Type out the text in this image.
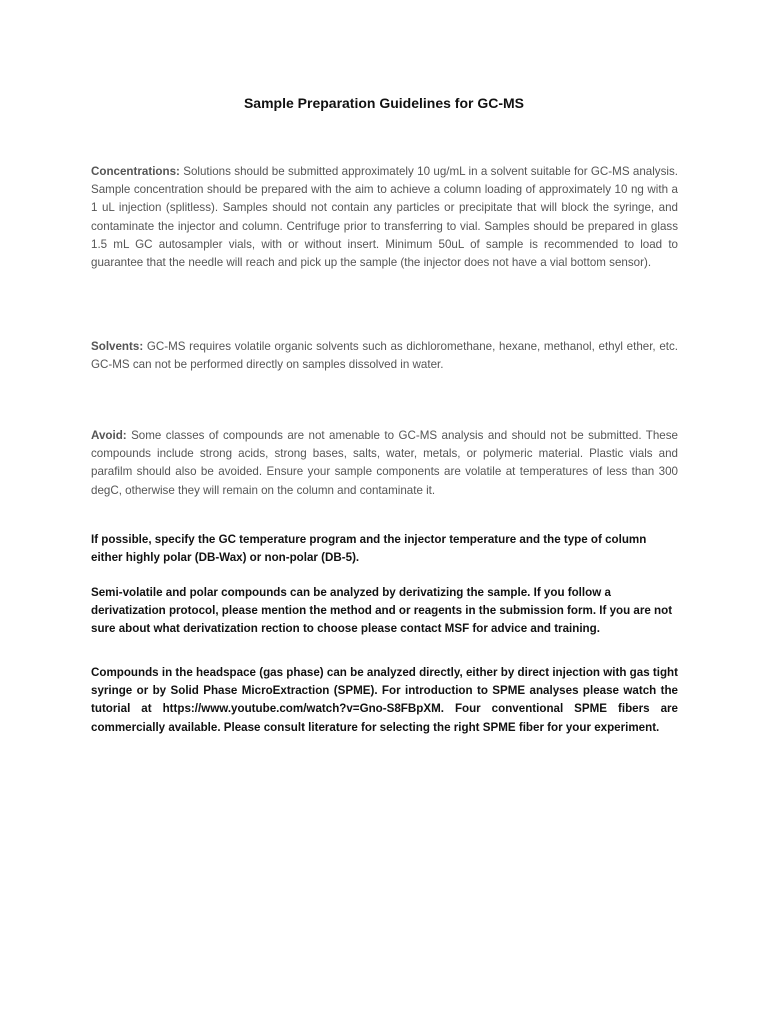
Sample Preparation Guidelines for GC-MS

Concentrations: Solutions should be submitted approximately 10 ug/mL in a solvent suitable for GC-MS analysis. Sample concentration should be prepared with the aim to achieve a column loading of approximately 10 ng with a 1 uL injection (splitless). Samples should not contain any particles or precipitate that will block the syringe, and contaminate the injector and column. Centrifuge prior to transferring to vial. Samples should be prepared in glass 1.5 mL GC autosampler vials, with or without insert. Minimum 50uL of sample is recommended to load to guarantee that the needle will reach and pick up the sample (the injector does not have a vial bottom sensor).

Solvents: GC-MS requires volatile organic solvents such as dichloromethane, hexane, methanol, ethyl ether, etc. GC-MS can not be performed directly on samples dissolved in water.

Avoid: Some classes of compounds are not amenable to GC-MS analysis and should not be submitted. These compounds include strong acids, strong bases, salts, water, metals, or polymeric material. Plastic vials and parafilm should also be avoided. Ensure your sample components are volatile at temperatures of less than 300 degC, otherwise they will remain on the column and contaminate it.

If possible, specify the GC temperature program and the injector temperature and the type of column either highly polar (DB-Wax) or non-polar (DB-5).

Semi-volatile and polar compounds can be analyzed by derivatizing the sample. If you follow a derivatization protocol, please mention the method and or reagents in the submission form. If you are not sure about what derivatization rection to choose please contact MSF for advice and training.

Compounds in the headspace (gas phase) can be analyzed directly, either by direct injection with gas tight syringe or by Solid Phase MicroExtraction (SPME). For introduction to SPME analyses please watch the tutorial at https://www.youtube.com/watch?v=Gno-S8FBpXM. Four conventional SPME fibers are commercially available. Please consult literature for selecting the right SPME fiber for your experiment.
